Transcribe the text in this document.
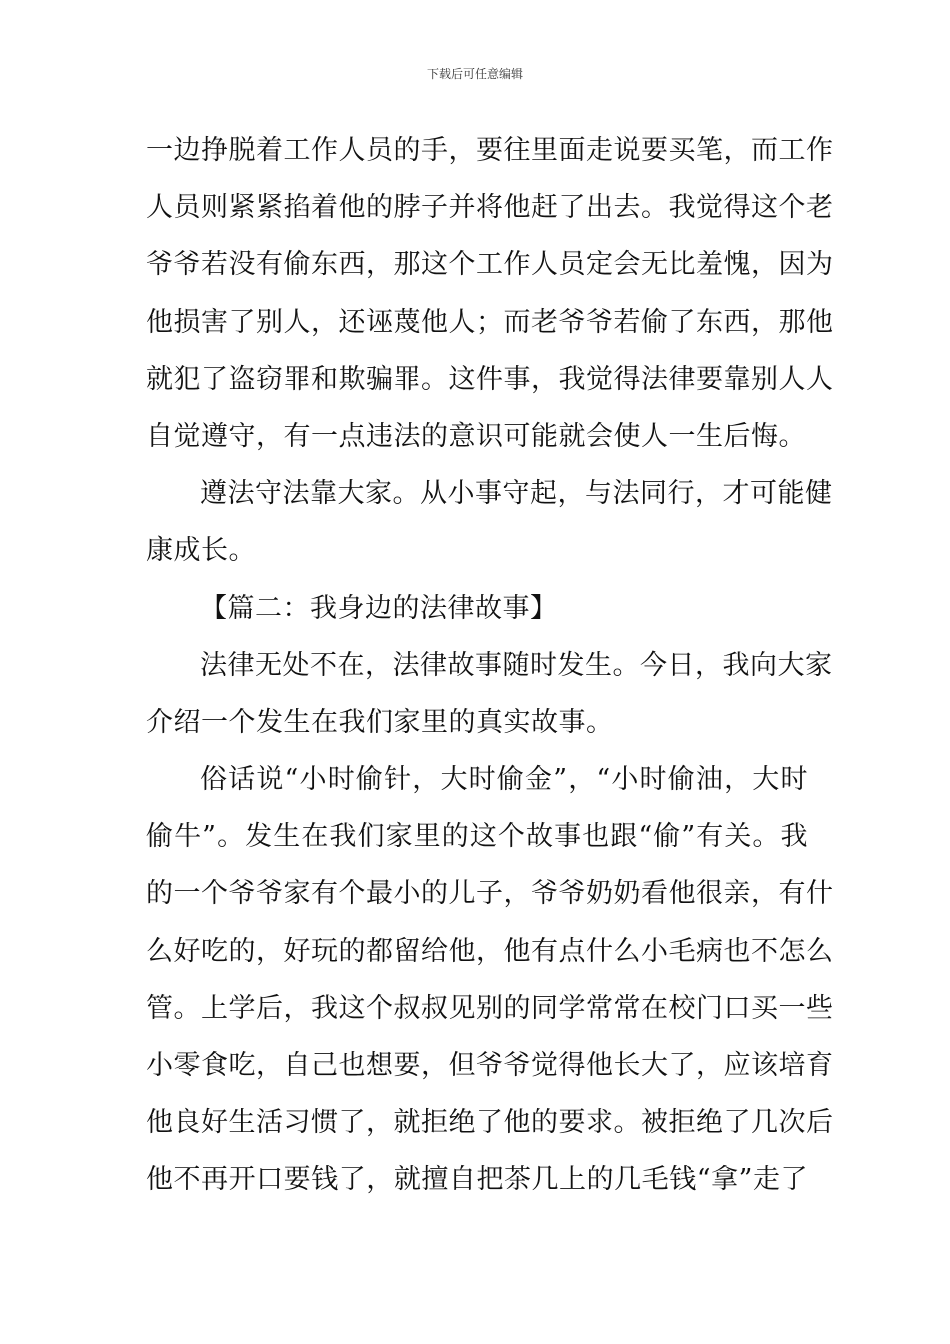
下载后可任意编辑
一边挣脱着工作人员的手，要往里面走说要买笔，而工作
人员则紧紧掐着他的脖子并将他赶了出去。我觉得这个老
爷爷若没有偷东西，那这个工作人员定会无比羞愧，因为
他损害了别人，还诬蔑他人；而老爷爷若偷了东西，那他
就犯了盗窃罪和欺骗罪。这件事，我觉得法律要靠别人人
自觉遵守，有一点违法的意识可能就会使人一生后悔。
遵法守法靠大家。从小事守起，与法同行，才可能健
康成长。
【篇二：我身边的法律故事】
法律无处不在，法律故事随时发生。今日，我向大家
介绍一个发生在我们家里的真实故事。
俗话说“小时偷针，大时偷金”，“小时偷油，大时
偷牛”。发生在我们家里的这个故事也跟“偷”有关。我
的一个爷爷家有个最小的儿子，爷爷奶奶看他很亲，有什
么好吃的，好玩的都留给他，他有点什么小毛病也不怎么
管。上学后，我这个叔叔见别的同学常常在校门口买一些
小零食吃，自己也想要，但爷爷觉得他长大了，应该培育
他良好生活习惯了，就拒绝了他的要求。被拒绝了几次后
他不再开口要钱了，就擅自把茶几上的几毛钱“拿”走了
